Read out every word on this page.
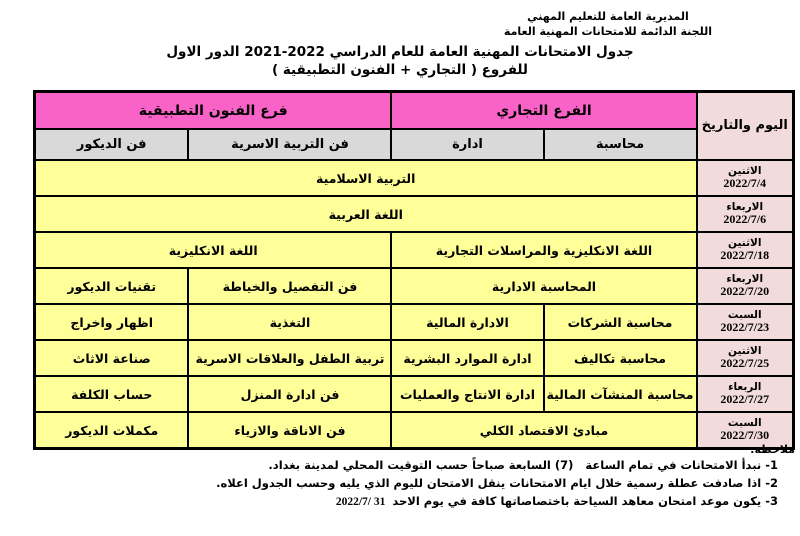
المديرية العامة للتعليم المهني
اللجنة الدائمة للامتحانات المهنية العامة
جدول الامتحانات المهنية العامة للعام الدراسي 2022-2021 الدور الاول
للفروع ( التجاري + الفنون التطبيقية )
اليوم والتاريخ	الفرع التجاري		فرع الفنون التطبيقية	
	محاسبة	ادارة	فن التربية الاسرية	فن الديكور

الاثنين
2022/7/4	التربية الاسلامية			

الاربعاء
2022/7/6	اللغة العربية			

الاثنين
2022/7/18	اللغة الانكليزية والمراسلات التجارية		اللغة الانكليزية	

الاربعاء
2022/7/20	المحاسبة الادارية		فن التفصيل والخياطة	تقنيات الديكور

السبت
2022/7/23	محاسبة الشركات	الادارة المالية	التغذية	اظهار واخراج

الاثنين
2022/7/25	محاسبة تكاليف	ادارة الموارد البشرية	تربية الطفل والعلاقات الاسرية	صناعة الاثاث

الربعاء
2022/7/27	محاسبة المنشآت المالية	ادارة الانتاج والعمليات	فن ادارة المنزل	حساب الكلفة

السبت
2022/7/30	مبادئ الاقتصاد الكلي		فن الاناقة والازياء	مكملات الديكور
ملاحظة:
1- نبدأ الامتحانات في تمام الساعة   (7) السابعة صباحاً حسب التوقيت المحلي لمدينة بغداد.
2- اذا صادفت عطلة رسمية خلال ايام الامتحانات ينقل الامتحان لليوم الذي يليه وحسب الجدول اعلاه.
3- يكون موعد امتحان معاهد السياحة باختصاصاتها كافة في يوم الاحد 2022/7/ 31
